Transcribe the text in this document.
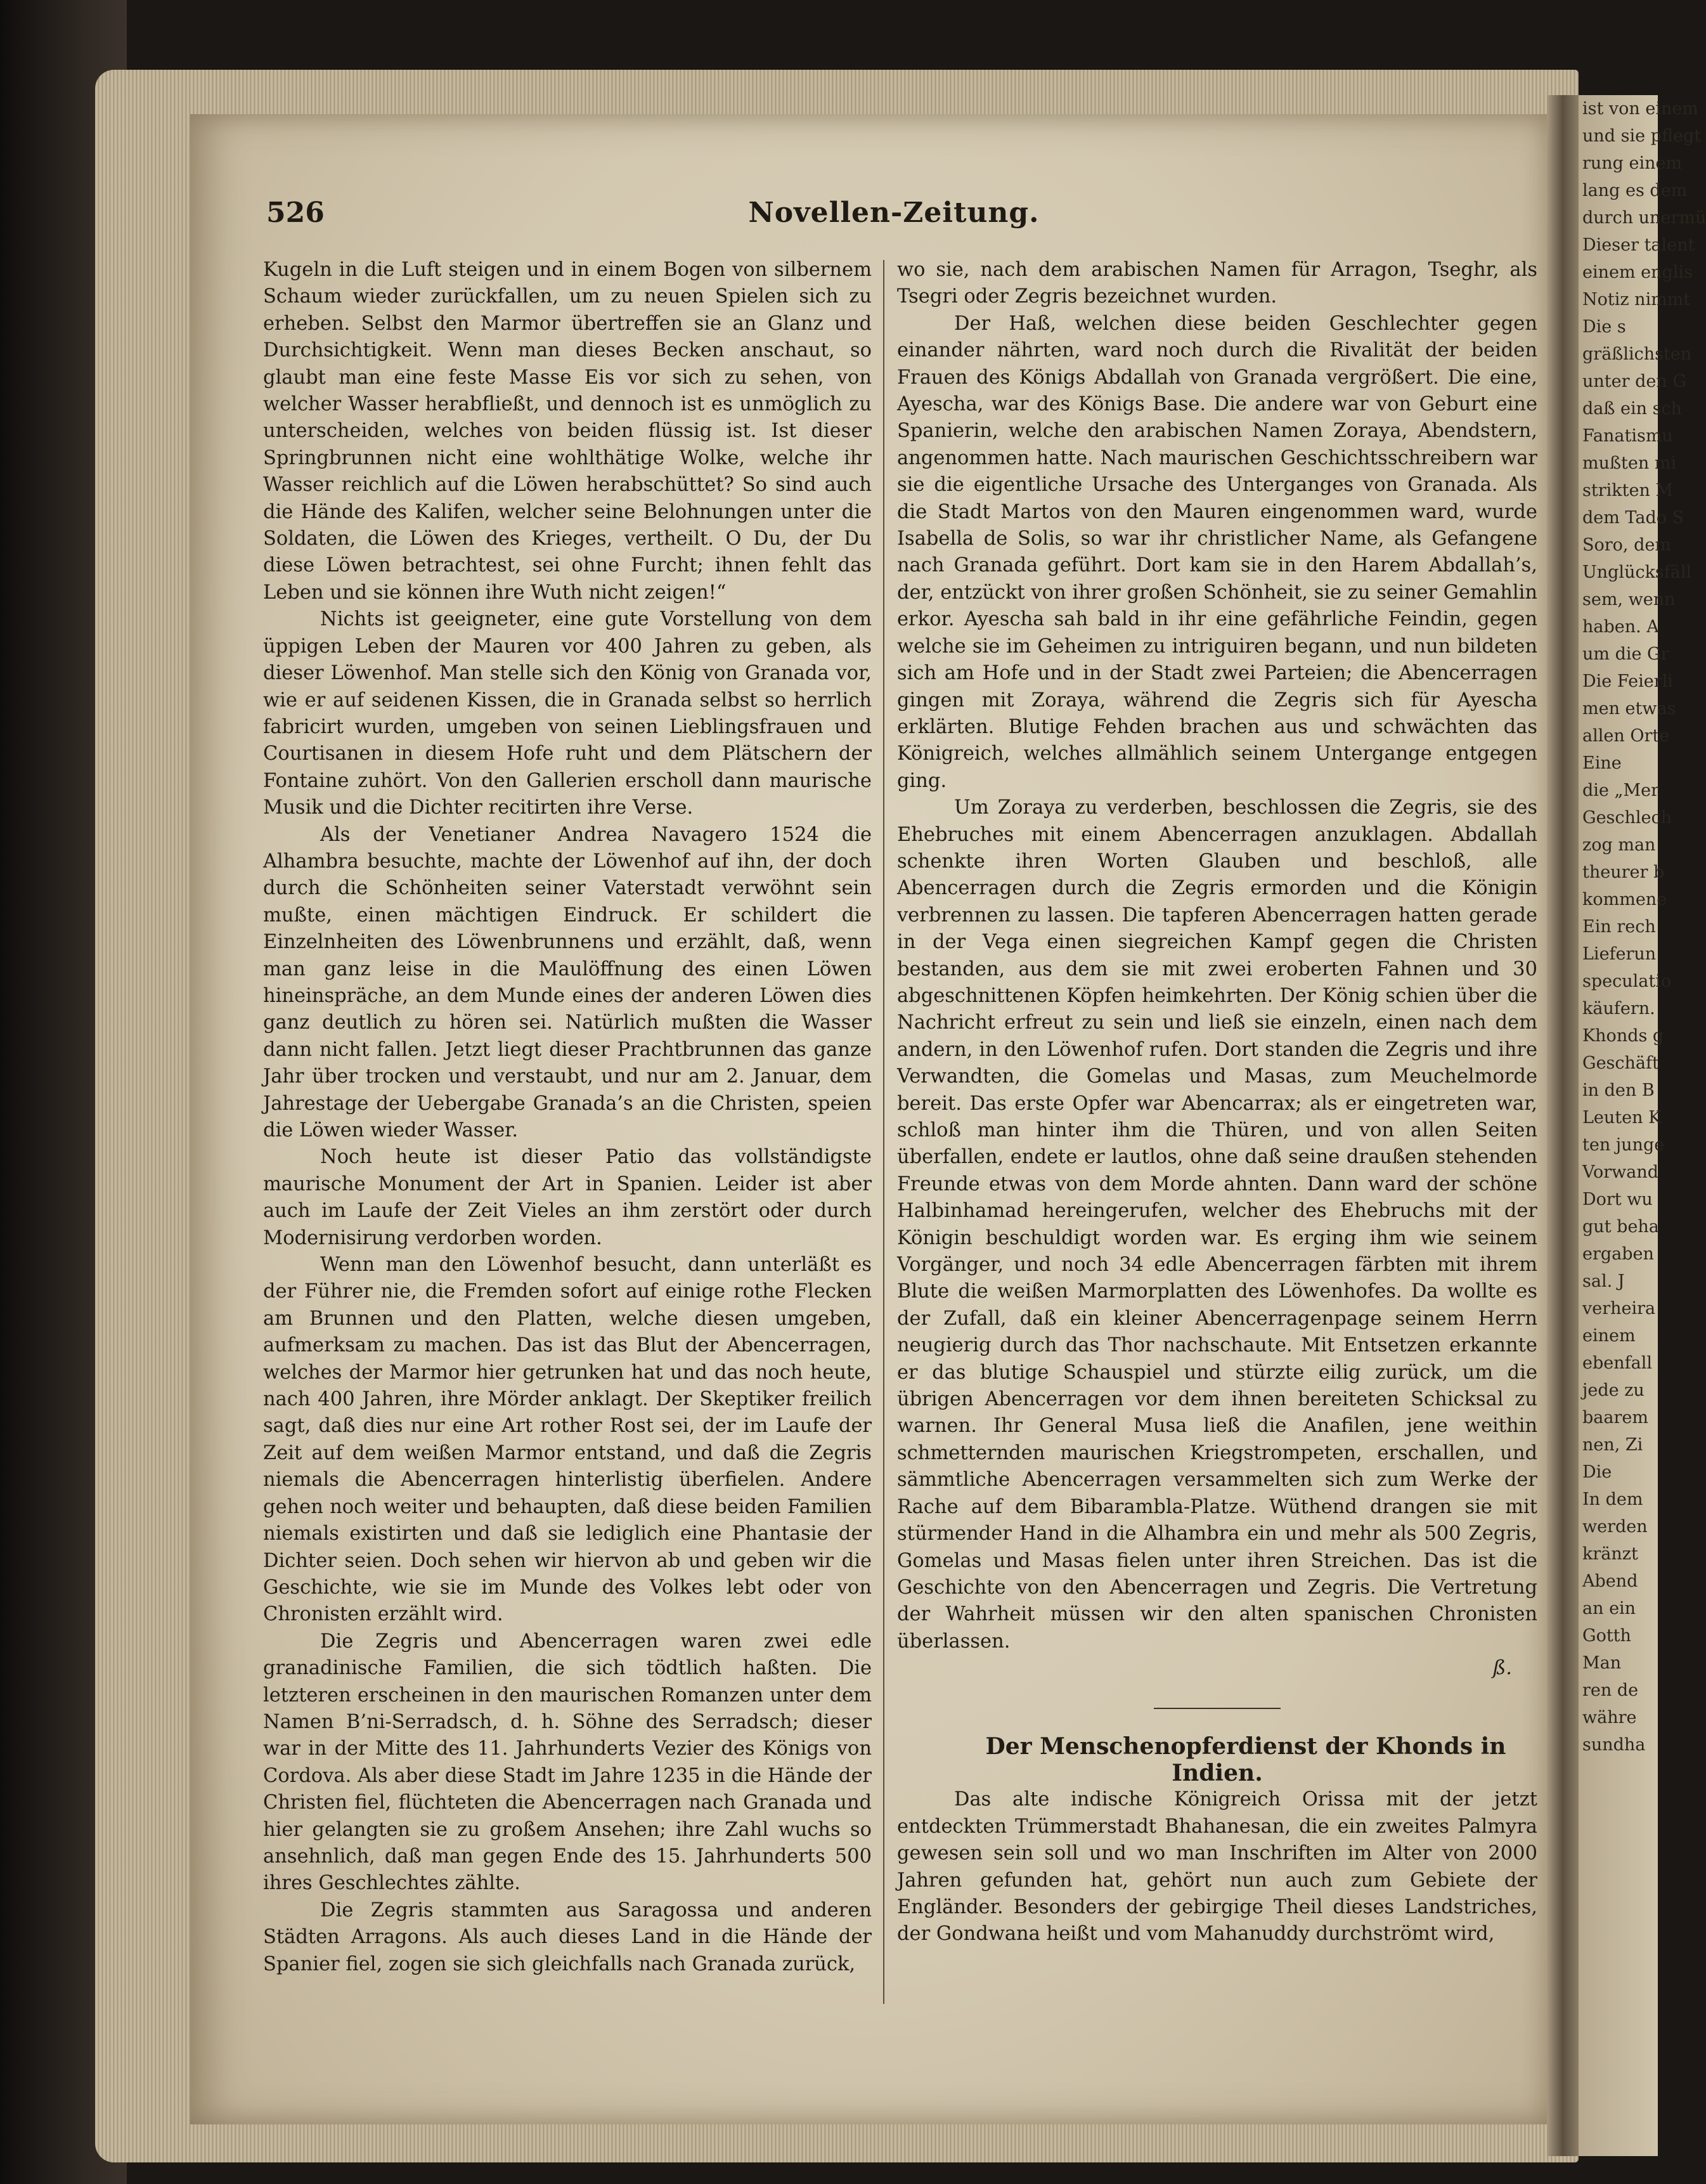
ist von einem
und sie pflegt
rung einem
lang es dem
durch unermü
Dieser talent
einem englis
Notiz nimmt
Die s
gräßlichsten
unter den G
daß ein sch
Fanatismu
mußten mi
strikten M
dem Tado S
Soro, dem
Unglücksfäll
sem, wenn
haben. A
um die Gr
Die Feierli
men etwas
allen Orte
Eine
die „Mer
Geschlech
zog man
theurer b
kommene
Ein rech
Lieferun
speculatio
käufern.
Khonds g
Geschäft
in den B
Leuten K
ten junge
Vorwand
Dort wu
gut beha
ergaben
sal. J
verheira
einem
ebenfall
jede zu
baarem
nen, Zi
Die
In dem
werden
kränzt
Abend
an ein
Gotth
Man
ren de
währe
sundha
526	Novellen-Zeitung.

Kugeln in die Luft steigen und in einem Bogen von silbernem Schaum wieder zurückfallen, um zu neuen Spielen sich zu erheben. Selbst den Marmor übertreffen sie an Glanz und Durchsichtigkeit. Wenn man dieses Becken anschaut, so glaubt man eine feste Masse Eis vor sich zu sehen, von welcher Wasser herabfließt, und dennoch ist es unmöglich zu unterscheiden, welches von beiden flüssig ist. Ist dieser Springbrunnen nicht eine wohlthätige Wolke, welche ihr Wasser reichlich auf die Löwen herabschüttet? So sind auch die Hände des Kalifen, welcher seine Belohnungen unter die Soldaten, die Löwen des Krieges, vertheilt. O Du, der Du diese Löwen betrachtest, sei ohne Furcht; ihnen fehlt das Leben und sie können ihre Wuth nicht zeigen!“

Nichts ist geeigneter, eine gute Vorstellung von dem üppigen Leben der Mauren vor 400 Jahren zu geben, als dieser Löwenhof. Man stelle sich den König von Granada vor, wie er auf seidenen Kissen, die in Granada selbst so herrlich fabricirt wurden, umgeben von seinen Lieblingsfrauen und Courtisanen in diesem Hofe ruht und dem Plätschern der Fontaine zuhört. Von den Gallerien erscholl dann maurische Musik und die Dichter recitirten ihre Verse.

Als der Venetianer Andrea Navagero 1524 die Alhambra besuchte, machte der Löwenhof auf ihn, der doch durch die Schönheiten seiner Vaterstadt verwöhnt sein mußte, einen mächtigen Eindruck. Er schildert die Einzelnheiten des Löwenbrunnens und erzählt, daß, wenn man ganz leise in die Maulöffnung des einen Löwen hineinspräche, an dem Munde eines der anderen Löwen dies ganz deutlich zu hören sei. Natürlich mußten die Wasser dann nicht fallen. Jetzt liegt dieser Prachtbrunnen das ganze Jahr über trocken und verstaubt, und nur am 2. Januar, dem Jahrestage der Uebergabe Granada’s an die Christen, speien die Löwen wieder Wasser.

Noch heute ist dieser Patio das vollständigste maurische Monument der Art in Spanien. Leider ist aber auch im Laufe der Zeit Vieles an ihm zerstört oder durch Modernisirung verdorben worden.

Wenn man den Löwenhof besucht, dann unterläßt es der Führer nie, die Fremden sofort auf einige rothe Flecken am Brunnen und den Platten, welche diesen umgeben, aufmerksam zu machen. Das ist das Blut der Abencerragen, welches der Marmor hier getrunken hat und das noch heute, nach 400 Jahren, ihre Mörder anklagt. Der Skeptiker freilich sagt, daß dies nur eine Art rother Rost sei, der im Laufe der Zeit auf dem weißen Marmor entstand, und daß die Zegris niemals die Abencerragen hinterlistig überfielen. Andere gehen noch weiter und behaupten, daß diese beiden Familien niemals existirten und daß sie lediglich eine Phantasie der Dichter seien. Doch sehen wir hiervon ab und geben wir die Geschichte, wie sie im Munde des Volkes lebt oder von Chronisten erzählt wird.

Die Zegris und Abencerragen waren zwei edle granadinische Familien, die sich tödtlich haßten. Die letzteren erscheinen in den maurischen Romanzen unter dem Namen B’ni-Serradsch, d. h. Söhne des Serradsch; dieser war in der Mitte des 11. Jahrhunderts Vezier des Königs von Cordova. Als aber diese Stadt im Jahre 1235 in die Hände der Christen fiel, flüchteten die Abencerragen nach Granada und hier gelangten sie zu großem Ansehen; ihre Zahl wuchs so ansehnlich, daß man gegen Ende des 15. Jahrhunderts 500 ihres Geschlechtes zählte.

Die Zegris stammten aus Saragossa und anderen Städten Arragons. Als auch dieses Land in die Hände der Spanier fiel, zogen sie sich gleichfalls nach Granada zurück,

wo sie, nach dem arabischen Namen für Arragon, Tseghr, als Tsegri oder Zegris bezeichnet wurden.

Der Haß, welchen diese beiden Geschlechter gegen einander nährten, ward noch durch die Rivalität der beiden Frauen des Königs Abdallah von Granada vergrößert. Die eine, Ayescha, war des Königs Base. Die andere war von Geburt eine Spanierin, welche den arabischen Namen Zoraya, Abendstern, angenommen hatte. Nach maurischen Geschichtsschreibern war sie die eigentliche Ursache des Unterganges von Granada. Als die Stadt Martos von den Mauren eingenommen ward, wurde Isabella de Solis, so war ihr christlicher Name, als Gefangene nach Granada geführt. Dort kam sie in den Harem Abdallah’s, der, entzückt von ihrer großen Schönheit, sie zu seiner Gemahlin erkor. Ayescha sah bald in ihr eine gefährliche Feindin, gegen welche sie im Geheimen zu intriguiren begann, und nun bildeten sich am Hofe und in der Stadt zwei Parteien; die Abencerragen gingen mit Zoraya, während die Zegris sich für Ayescha erklärten. Blutige Fehden brachen aus und schwächten das Königreich, welches allmählich seinem Untergange entgegen ging.

Um Zoraya zu verderben, beschlossen die Zegris, sie des Ehebruches mit einem Abencerragen anzuklagen. Abdallah schenkte ihren Worten Glauben und beschloß, alle Abencerragen durch die Zegris ermorden und die Königin verbrennen zu lassen. Die tapferen Abencerragen hatten gerade in der Vega einen siegreichen Kampf gegen die Christen bestanden, aus dem sie mit zwei eroberten Fahnen und 30 abgeschnittenen Köpfen heimkehrten. Der König schien über die Nachricht erfreut zu sein und ließ sie einzeln, einen nach dem andern, in den Löwenhof rufen. Dort standen die Zegris und ihre Verwandten, die Gomelas und Masas, zum Meuchelmorde bereit. Das erste Opfer war Abencarrax; als er eingetreten war, schloß man hinter ihm die Thüren, und von allen Seiten überfallen, endete er lautlos, ohne daß seine draußen stehenden Freunde etwas von dem Morde ahnten. Dann ward der schöne Halbinhamad hereingerufen, welcher des Ehebruchs mit der Königin beschuldigt worden war. Es erging ihm wie seinem Vorgänger, und noch 34 edle Abencerragen färbten mit ihrem Blute die weißen Marmorplatten des Löwenhofes. Da wollte es der Zufall, daß ein kleiner Abencerragenpage seinem Herrn neugierig durch das Thor nachschaute. Mit Entsetzen erkannte er das blutige Schauspiel und stürzte eilig zurück, um die übrigen Abencerragen vor dem ihnen bereiteten Schicksal zu warnen. Ihr General Musa ließ die Anafilen, jene weithin schmetternden maurischen Kriegstrompeten, erschallen, und sämmtliche Abencerragen versammelten sich zum Werke der Rache auf dem Bibarambla-Platze. Wüthend drangen sie mit stürmender Hand in die Alhambra ein und mehr als 500 Zegris, Gomelas und Masas fielen unter ihren Streichen. Das ist die Geschichte von den Abencerragen und Zegris. Die Vertretung der Wahrheit müssen wir den alten spanischen Chronisten überlassen.

ß.

Der Menschenopferdienst der Khonds in Indien.

Das alte indische Königreich Orissa mit der jetzt entdeckten Trümmerstadt Bhahanesan, die ein zweites Palmyra gewesen sein soll und wo man Inschriften im Alter von 2000 Jahren gefunden hat, gehört nun auch zum Gebiete der Engländer. Besonders der gebirgige Theil dieses Landstriches, der Gondwana heißt und vom Mahanuddy durchströmt wird,
